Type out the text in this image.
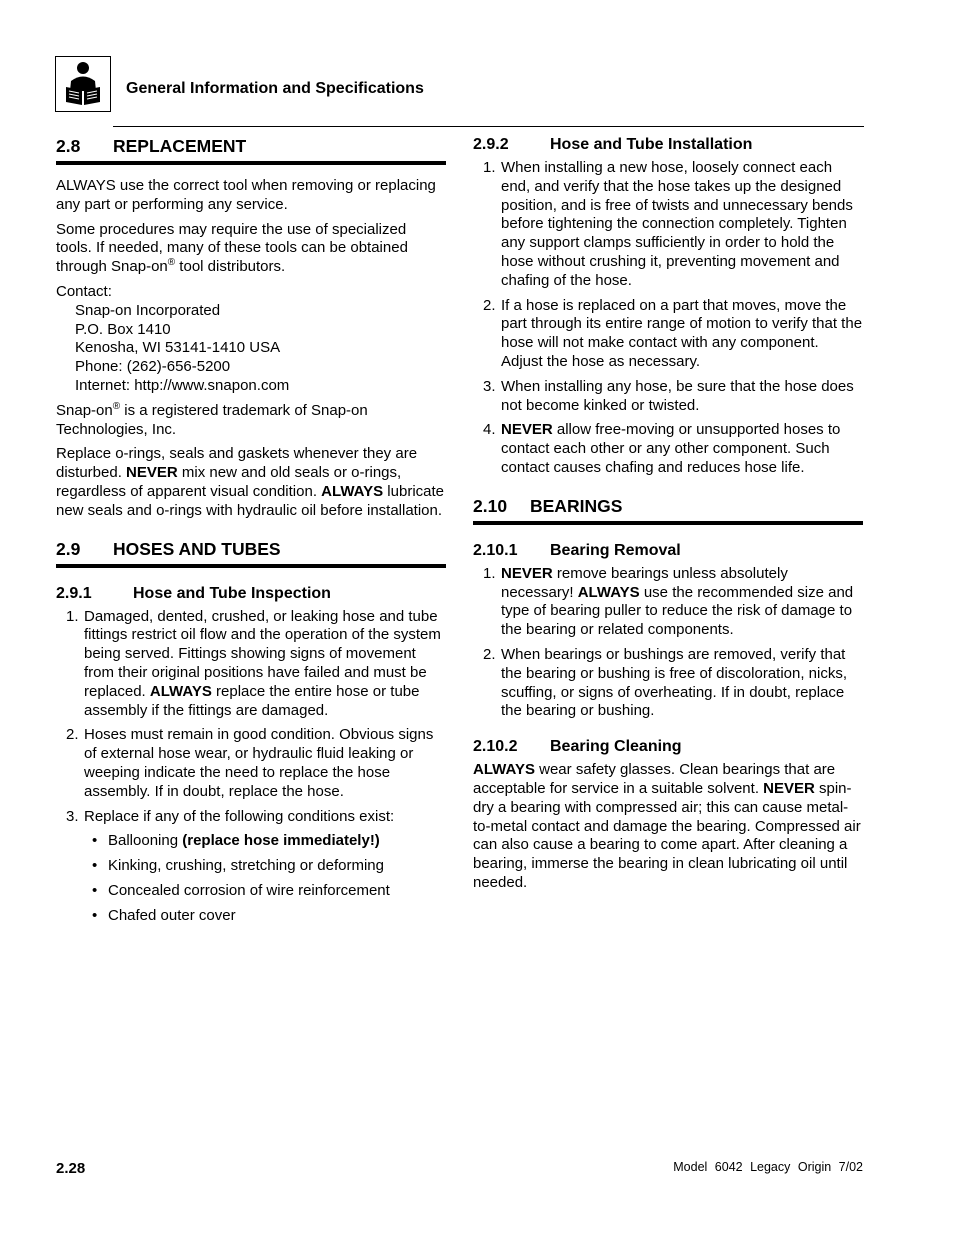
General Information and Specifications
2.8	REPLACEMENT

ALWAYS use the correct tool when removing or replacing any part or performing any service.

Some procedures may require the use of specialized tools. If needed, many of these tools can be obtained through Snap-on® tool distributors.

Contact:

Snap-on Incorporated
P.O. Box 1410
Kenosha, WI 53141-1410 USA
Phone: (262)-656-5200
Internet: http://www.snapon.com

Snap-on® is a registered trademark of Snap-on Technologies, Inc.

Replace o-rings, seals and gaskets whenever they are disturbed. NEVER mix new and old seals or o-rings, regardless of apparent visual condition. ALWAYS lubricate new seals and o-rings with hydraulic oil before installation.

2.9	HOSES AND TUBES
2.9.1	Hose and Tube Inspection
1. Damaged, dented, crushed, or leaking hose and tube fittings restrict oil flow and the operation of the system being served. Fittings showing signs of movement from their original positions have failed and must be replaced. ALWAYS replace the entire hose or tube assembly if the fittings are damaged.
2. Hoses must remain in good condition. Obvious signs of external hose wear, or hydraulic fluid leaking or weeping indicate the need to replace the hose assembly. If in doubt, replace the hose.
3. Replace if any of the following conditions exist:
• Ballooning (replace hose immediately!)
• Kinking, crushing, stretching or deforming
• Concealed corrosion of wire reinforcement
• Chafed outer cover
2.9.2	Hose and Tube Installation
1. When installing a new hose, loosely connect each end, and verify that the hose takes up the designed position, and is free of twists and unnecessary bends before tightening the connection completely. Tighten any support clamps sufficiently in order to hold the hose without crushing it, preventing movement and chafing of the hose.
2. If a hose is replaced on a part that moves, move the part through its entire range of motion to verify that the hose will not make contact with any component. Adjust the hose as necessary.
3. When installing any hose, be sure that the hose does not become kinked or twisted.
4. NEVER allow free-moving or unsupported hoses to contact each other or any other component. Such contact causes chafing and reduces hose life.
2.10	BEARINGS
2.10.1	Bearing Removal
1. NEVER remove bearings unless absolutely necessary! ALWAYS use the recommended size and type of bearing puller to reduce the risk of damage to the bearing or related components.
2. When bearings or bushings are removed, verify that the bearing or bushing is free of discoloration, nicks, scuffing, or signs of overheating. If in doubt, replace the bearing or bushing.
2.10.2	Bearing Cleaning

ALWAYS wear safety glasses. Clean bearings that are acceptable for service in a suitable solvent. NEVER spin-dry a bearing with compressed air; this can cause metal-to-metal contact and damage the bearing. Compressed air can also cause a bearing to come apart. After cleaning a bearing, immerse the bearing in clean lubricating oil until needed.

2.28	Model 6042 Legacy Origin 7/02
